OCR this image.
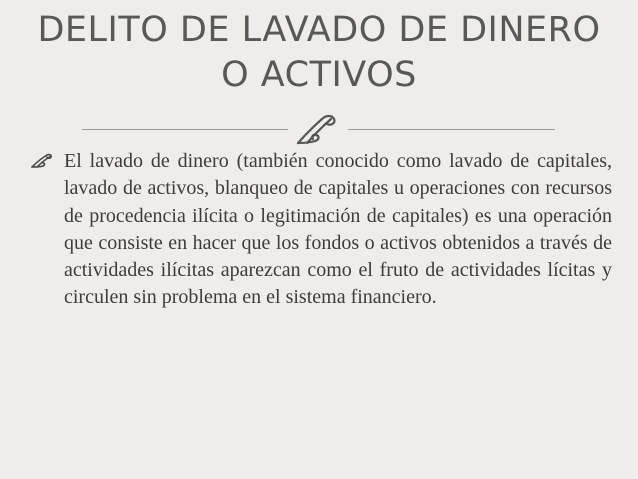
DELITO DE LAVADO DE DINERO
O ACTIVOS

El lavado de dinero (también conocido como lavado de capitales, lavado de activos, blanqueo de capitales u operaciones con recursos de procedencia ilícita o legitimación de capitales) es una operación que consiste en hacer que los fondos o activos obtenidos a través de actividades ilícitas aparezcan como el fruto de actividades lícitas y circulen sin problema en el sistema financiero.
